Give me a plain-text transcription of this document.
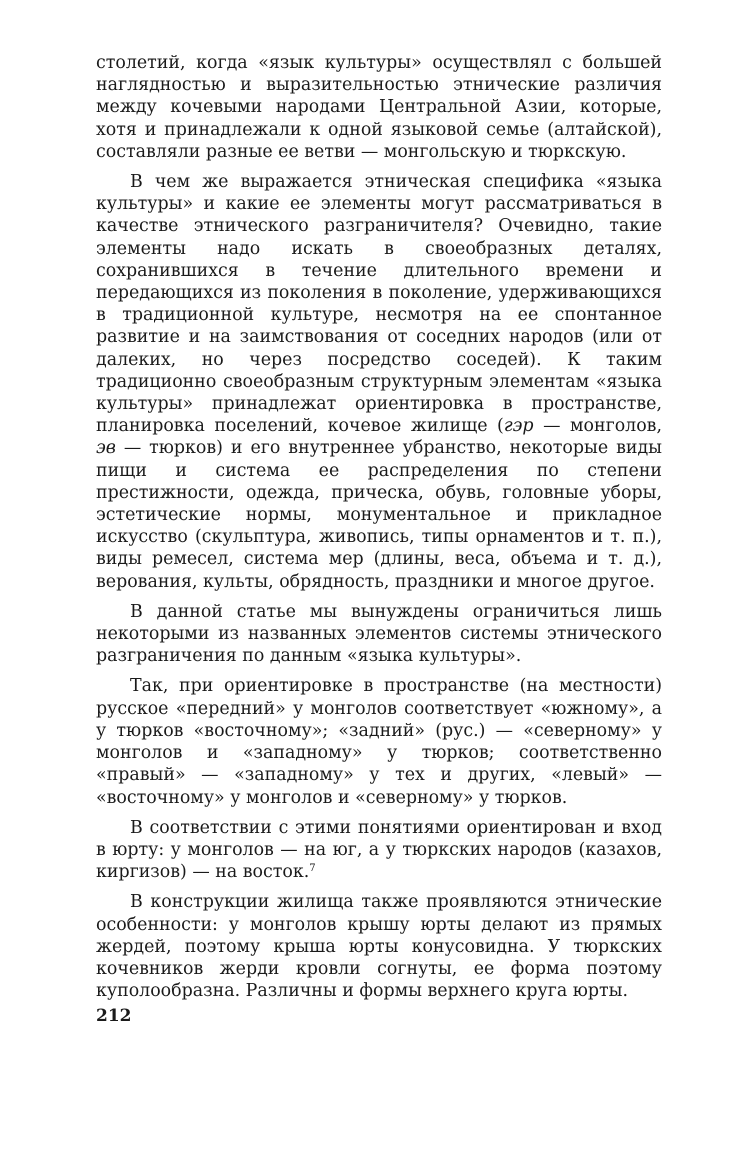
столетий, когда «язык культуры» осуществлял с большей наглядностью и выразительностью этнические различия между кочевыми народами Центральной Азии, которые, хотя и принадлежали к одной языковой семье (алтайской), составляли разные ее ветви — монгольскую и тюркскую.

В чем же выражается этническая специфика «языка культуры» и какие ее элементы могут рассматриваться в качестве этнического разграничителя? Очевидно, такие элементы надо искать в своеобразных деталях, сохранившихся в течение длительного времени и передающихся из поколения в поколение, удерживающихся в традиционной культуре, несмотря на ее спонтанное развитие и на заимствования от соседних народов (или от далеких, но через посредство соседей). К таким традиционно своеобразным структурным элементам «языка культуры» принадлежат ориентировка в пространстве, планировка поселений, кочевое жилище (гэр — монголов, эв — тюрков) и его внутреннее убранство, некоторые виды пищи и система ее распределения по степени престижности, одежда, прическа, обувь, головные уборы, эстетические нормы, монументальное и прикладное искусство (скульптура, живопись, типы орнаментов и т. п.), виды ремесел, система мер (длины, веса, объема и т. д.), верования, культы, обрядность, праздники и многое другое.

В данной статье мы вынуждены ограничиться лишь некоторыми из названных элементов системы этнического разграничения по данным «языка культуры».

Так, при ориентировке в пространстве (на местности) русское «передний» у монголов соответствует «южному», а у тюрков «восточному»; «задний» (рус.) — «северному» у монголов и «западному» у тюрков; соответственно «правый» — «западному» у тех и других, «левый» — «восточному» у монголов и «северному» у тюрков.

В соответствии с этими понятиями ориентирован и вход в юрту: у монголов — на юг, а у тюркских народов (казахов, киргизов) — на восток.$^7$

В конструкции жилища также проявляются этнические особенности: у монголов крышу юрты делают из прямых жердей, поэтому крыша юрты конусовидна. У тюркских кочевников жерди кровли согнуты, ее форма поэтому куполообразна. Различны и формы верхнего круга юрты.

212
